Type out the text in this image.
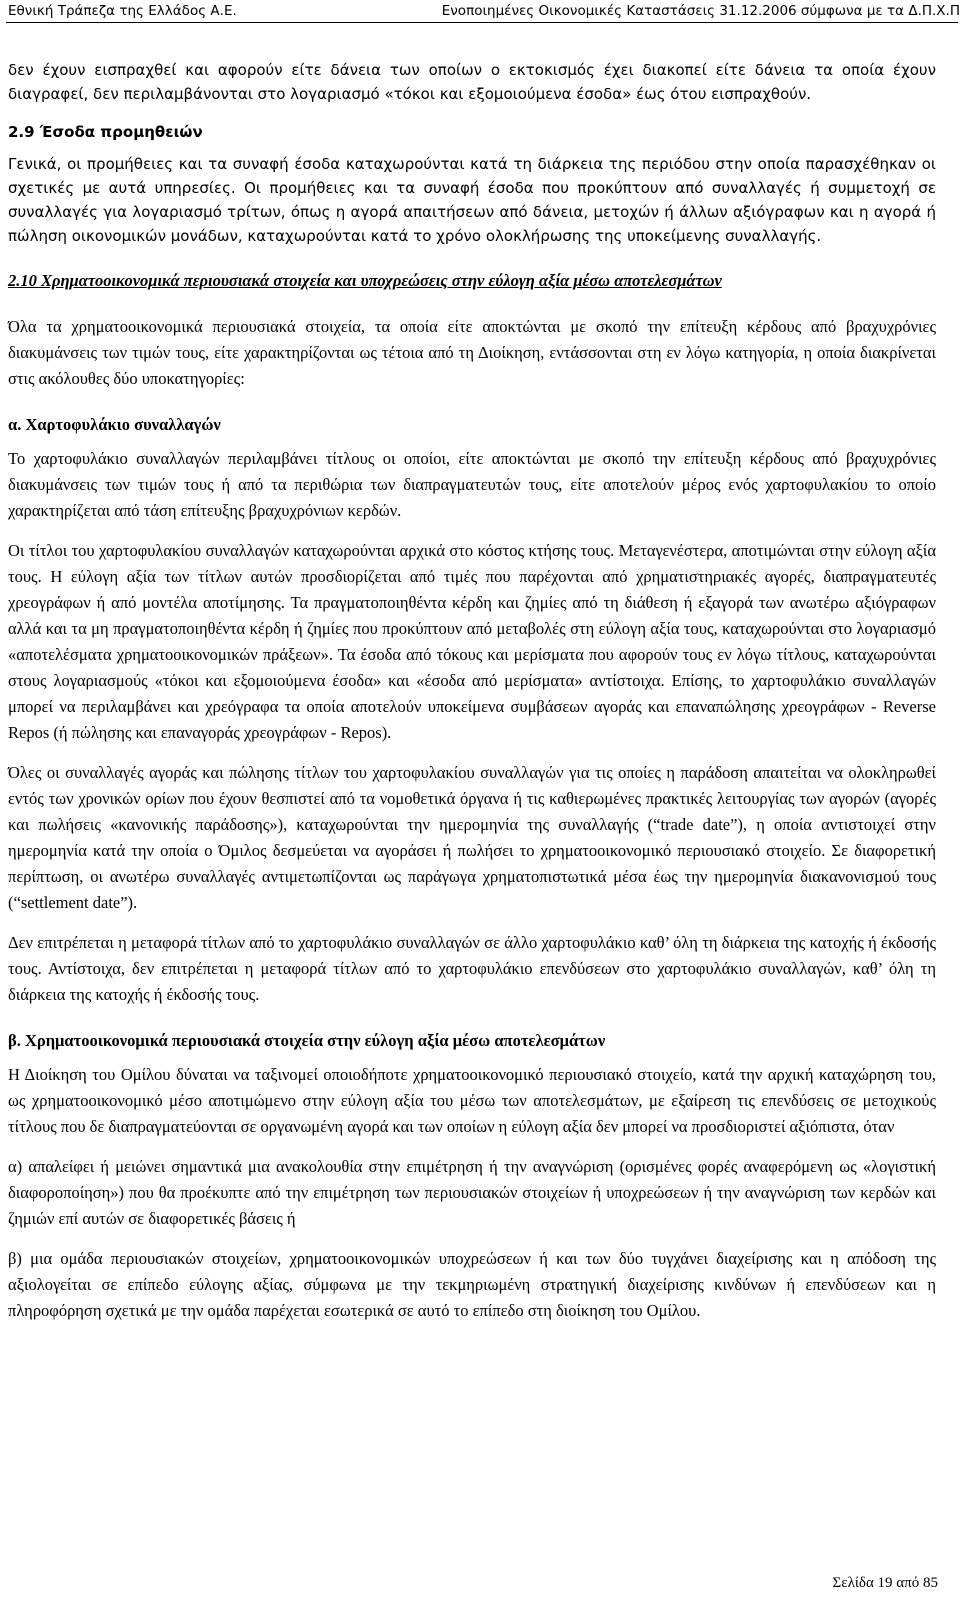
Εθνική Τράπεζα της Ελλάδος Α.Ε.	Ενοποιημένες Οικονομικές Καταστάσεις 31.12.2006 σύμφωνα με τα Δ.Π.Χ.Π

δεν έχουν εισπραχθεί και αφορούν είτε δάνεια των οποίων ο εκτοκισμός έχει διακοπεί είτε δάνεια τα οποία έχουν διαγραφεί, δεν περιλαμβάνονται στο λογαριασμό «τόκοι και εξομοιούμενα έσοδα» έως ότου εισπραχθούν.

2.9 Έσοδα προμηθειών

Γενικά, οι προμήθειες και τα συναφή έσοδα καταχωρούνται κατά τη διάρκεια της περιόδου στην οποία παρασχέθηκαν οι σχετικές με αυτά υπηρεσίες. Οι προμήθειες και τα συναφή έσοδα που προκύπτουν από συναλλαγές ή συμμετοχή σε συναλλαγές για λογαριασμό τρίτων, όπως η αγορά απαιτήσεων από δάνεια, μετοχών ή άλλων αξιόγραφων και η αγορά ή πώληση οικονομικών μονάδων, καταχωρούνται κατά το χρόνο ολοκλήρωσης της υποκείμενης συναλλαγής.

2.10 Χρηματοοικονομικά περιουσιακά στοιχεία και υποχρεώσεις στην εύλογη αξία μέσω αποτελεσμάτων

Όλα τα χρηματοοικονομικά περιουσιακά στοιχεία, τα οποία είτε αποκτώνται με σκοπό την επίτευξη κέρδους από βραχυχρόνιες διακυμάνσεις των τιμών τους, είτε χαρακτηρίζονται ως τέτοια από τη Διοίκηση, εντάσσονται στη εν λόγω κατηγορία, η οποία διακρίνεται στις ακόλουθες δύο υποκατηγορίες:

α. Χαρτοφυλάκιο συναλλαγών

Το χαρτοφυλάκιο συναλλαγών περιλαμβάνει τίτλους οι οποίοι, είτε αποκτώνται με σκοπό την επίτευξη κέρδους από βραχυχρόνιες διακυμάνσεις των τιμών τους ή από τα περιθώρια των διαπραγματευτών τους, είτε αποτελούν μέρος ενός χαρτοφυλακίου το οποίο χαρακτηρίζεται από τάση επίτευξης βραχυχρόνιων κερδών.

Οι τίτλοι του χαρτοφυλακίου συναλλαγών καταχωρούνται αρχικά στο κόστος κτήσης τους. Μεταγενέστερα, αποτιμώνται στην εύλογη αξία τους. Η εύλογη αξία των τίτλων αυτών προσδιορίζεται από τιμές που παρέχονται από χρηματιστηριακές αγορές, διαπραγματευτές χρεογράφων ή από μοντέλα αποτίμησης. Τα πραγματοποιηθέντα κέρδη και ζημίες από τη διάθεση ή εξαγορά των ανωτέρω αξιόγραφων αλλά και τα μη πραγματοποιηθέντα κέρδη ή ζημίες που προκύπτουν από μεταβολές στη εύλογη αξία τους, καταχωρούνται στο λογαριασμό «αποτελέσματα χρηματοοικονομικών πράξεων». Τα έσοδα από τόκους και μερίσματα που αφορούν τους εν λόγω τίτλους, καταχωρούνται στους λογαριασμούς «τόκοι και εξομοιούμενα έσοδα» και «έσοδα από μερίσματα» αντίστοιχα. Επίσης, το χαρτοφυλάκιο συναλλαγών μπορεί να περιλαμβάνει και χρεόγραφα τα οποία αποτελούν υποκείμενα συμβάσεων αγοράς και επαναπώλησης χρεογράφων - Reverse Repos (ή πώλησης και επαναγοράς χρεογράφων - Repos).

Όλες οι συναλλαγές αγοράς και πώλησης τίτλων του χαρτοφυλακίου συναλλαγών για τις οποίες η παράδοση απαιτείται να ολοκληρωθεί εντός των χρονικών ορίων που έχουν θεσπιστεί από τα νομοθετικά όργανα ή τις καθιερωμένες πρακτικές λειτουργίας των αγορών (αγορές και πωλήσεις «κανονικής παράδοσης»), καταχωρούνται την ημερομηνία της συναλλαγής (“trade date”), η οποία αντιστοιχεί στην ημερομηνία κατά την οποία ο Όμιλος δεσμεύεται να αγοράσει ή πωλήσει το χρηματοοικονομικό περιουσιακό στοιχείο. Σε διαφορετική περίπτωση, οι ανωτέρω συναλλαγές αντιμετωπίζονται ως παράγωγα χρηματοπιστωτικά μέσα έως την ημερομηνία διακανονισμού τους (“settlement date”).

Δεν επιτρέπεται η μεταφορά τίτλων από το χαρτοφυλάκιο συναλλαγών σε άλλο χαρτοφυλάκιο καθ’ όλη τη διάρκεια της κατοχής ή έκδοσής τους. Αντίστοιχα, δεν επιτρέπεται η μεταφορά τίτλων από το χαρτοφυλάκιο επενδύσεων στο χαρτοφυλάκιο συναλλαγών, καθ’ όλη τη διάρκεια της κατοχής ή έκδοσής τους.

β. Χρηματοοικονομικά περιουσιακά στοιχεία στην εύλογη αξία μέσω αποτελεσμάτων

Η Διοίκηση του Ομίλου δύναται να ταξινομεί οποιοδήποτε χρηματοοικονομικό περιουσιακό στοιχείο, κατά την αρχική καταχώρηση του, ως χρηματοοικονομικό μέσο αποτιμώμενο στην εύλογη αξία του μέσω των αποτελεσμάτων, με εξαίρεση τις επενδύσεις σε μετοχικούς τίτλους που δε διαπραγματεύονται σε οργανωμένη αγορά και των οποίων η εύλογη αξία δεν μπορεί να προσδιοριστεί αξιόπιστα, όταν

α) απαλείφει ή μειώνει σημαντικά μια ανακολουθία στην επιμέτρηση ή την αναγνώριση (ορισμένες φορές αναφερόμενη ως «λογιστική διαφοροποίηση») που θα προέκυπτε από την επιμέτρηση των περιουσιακών στοιχείων ή υποχρεώσεων ή την αναγνώριση των κερδών και ζημιών επί αυτών σε διαφορετικές βάσεις ή

β) μια ομάδα περιουσιακών στοιχείων, χρηματοοικονομικών υποχρεώσεων ή και των δύο τυγχάνει διαχείρισης και η απόδοση της αξιολογείται σε επίπεδο εύλογης αξίας, σύμφωνα με την τεκμηριωμένη στρατηγική διαχείρισης κινδύνων ή επενδύσεων και η πληροφόρηση σχετικά με την ομάδα παρέχεται εσωτερικά σε αυτό το επίπεδο στη διοίκηση του Ομίλου.

Σελίδα 19 από 85
